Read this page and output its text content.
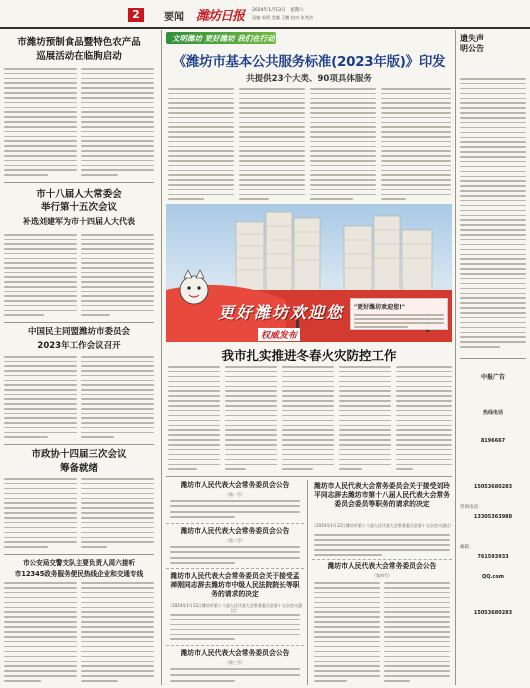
2	要闻 潍坊日报 2024年1月13日 星期六
责编 周勇 美编 王鹏 校对 朱秀杰
市潍坊预制食品暨特色农产品
巡展活动在临朐启动
市十八届人大常委会
举行第十五次会议
补选刘建军为市十四届人大代表
中国民主同盟潍坊市委员会
2023年工作会议召开
市政协十四届三次会议
筹备就绪
市公安局交警支队主要负责人周六接听
市12345政务服务便民热线企业和交通专线
文明潍坊 更好潍坊 我们在行动
《潍坊市基本公共服务标准(2023年版)》印发
共提供23个大类、90项具体服务
更好潍坊欢迎您 "更好潍坊欢迎您!"
权威发布
我市扎实推进冬春火灾防控工作
潍坊市人民代表大会常务委员会公告
（第一号）
潍坊市人民代表大会常务委员会公告
（第二号）
潍坊市人民代表大会常务委员会关于接受孟禅刚同志辞去潍坊市中级人民法院院长等职务的请求的决定
（2024年1月12日潍坊市第十八届人民代表大会常务委员会第十五次会议通过）
潍坊市人民代表大会常务委员会公告
（第三号）
潍坊市人民代表大会常务委员会关于接受刘玲平同志辞去潍坊市第十八届人民代表大会常务委员会委员等职务的请求的决定
（2024年1月12日潍坊市第十八届人民代表大会常务委员会第十五次会议通过）
潍坊市人民代表大会常务委员会公告
（第四号）
遗失声明公告
中报广告
热线电话
8196667
15053680283
咨询电话：
13305363988
邮箱：
761593933
QQ.com
15053680283
